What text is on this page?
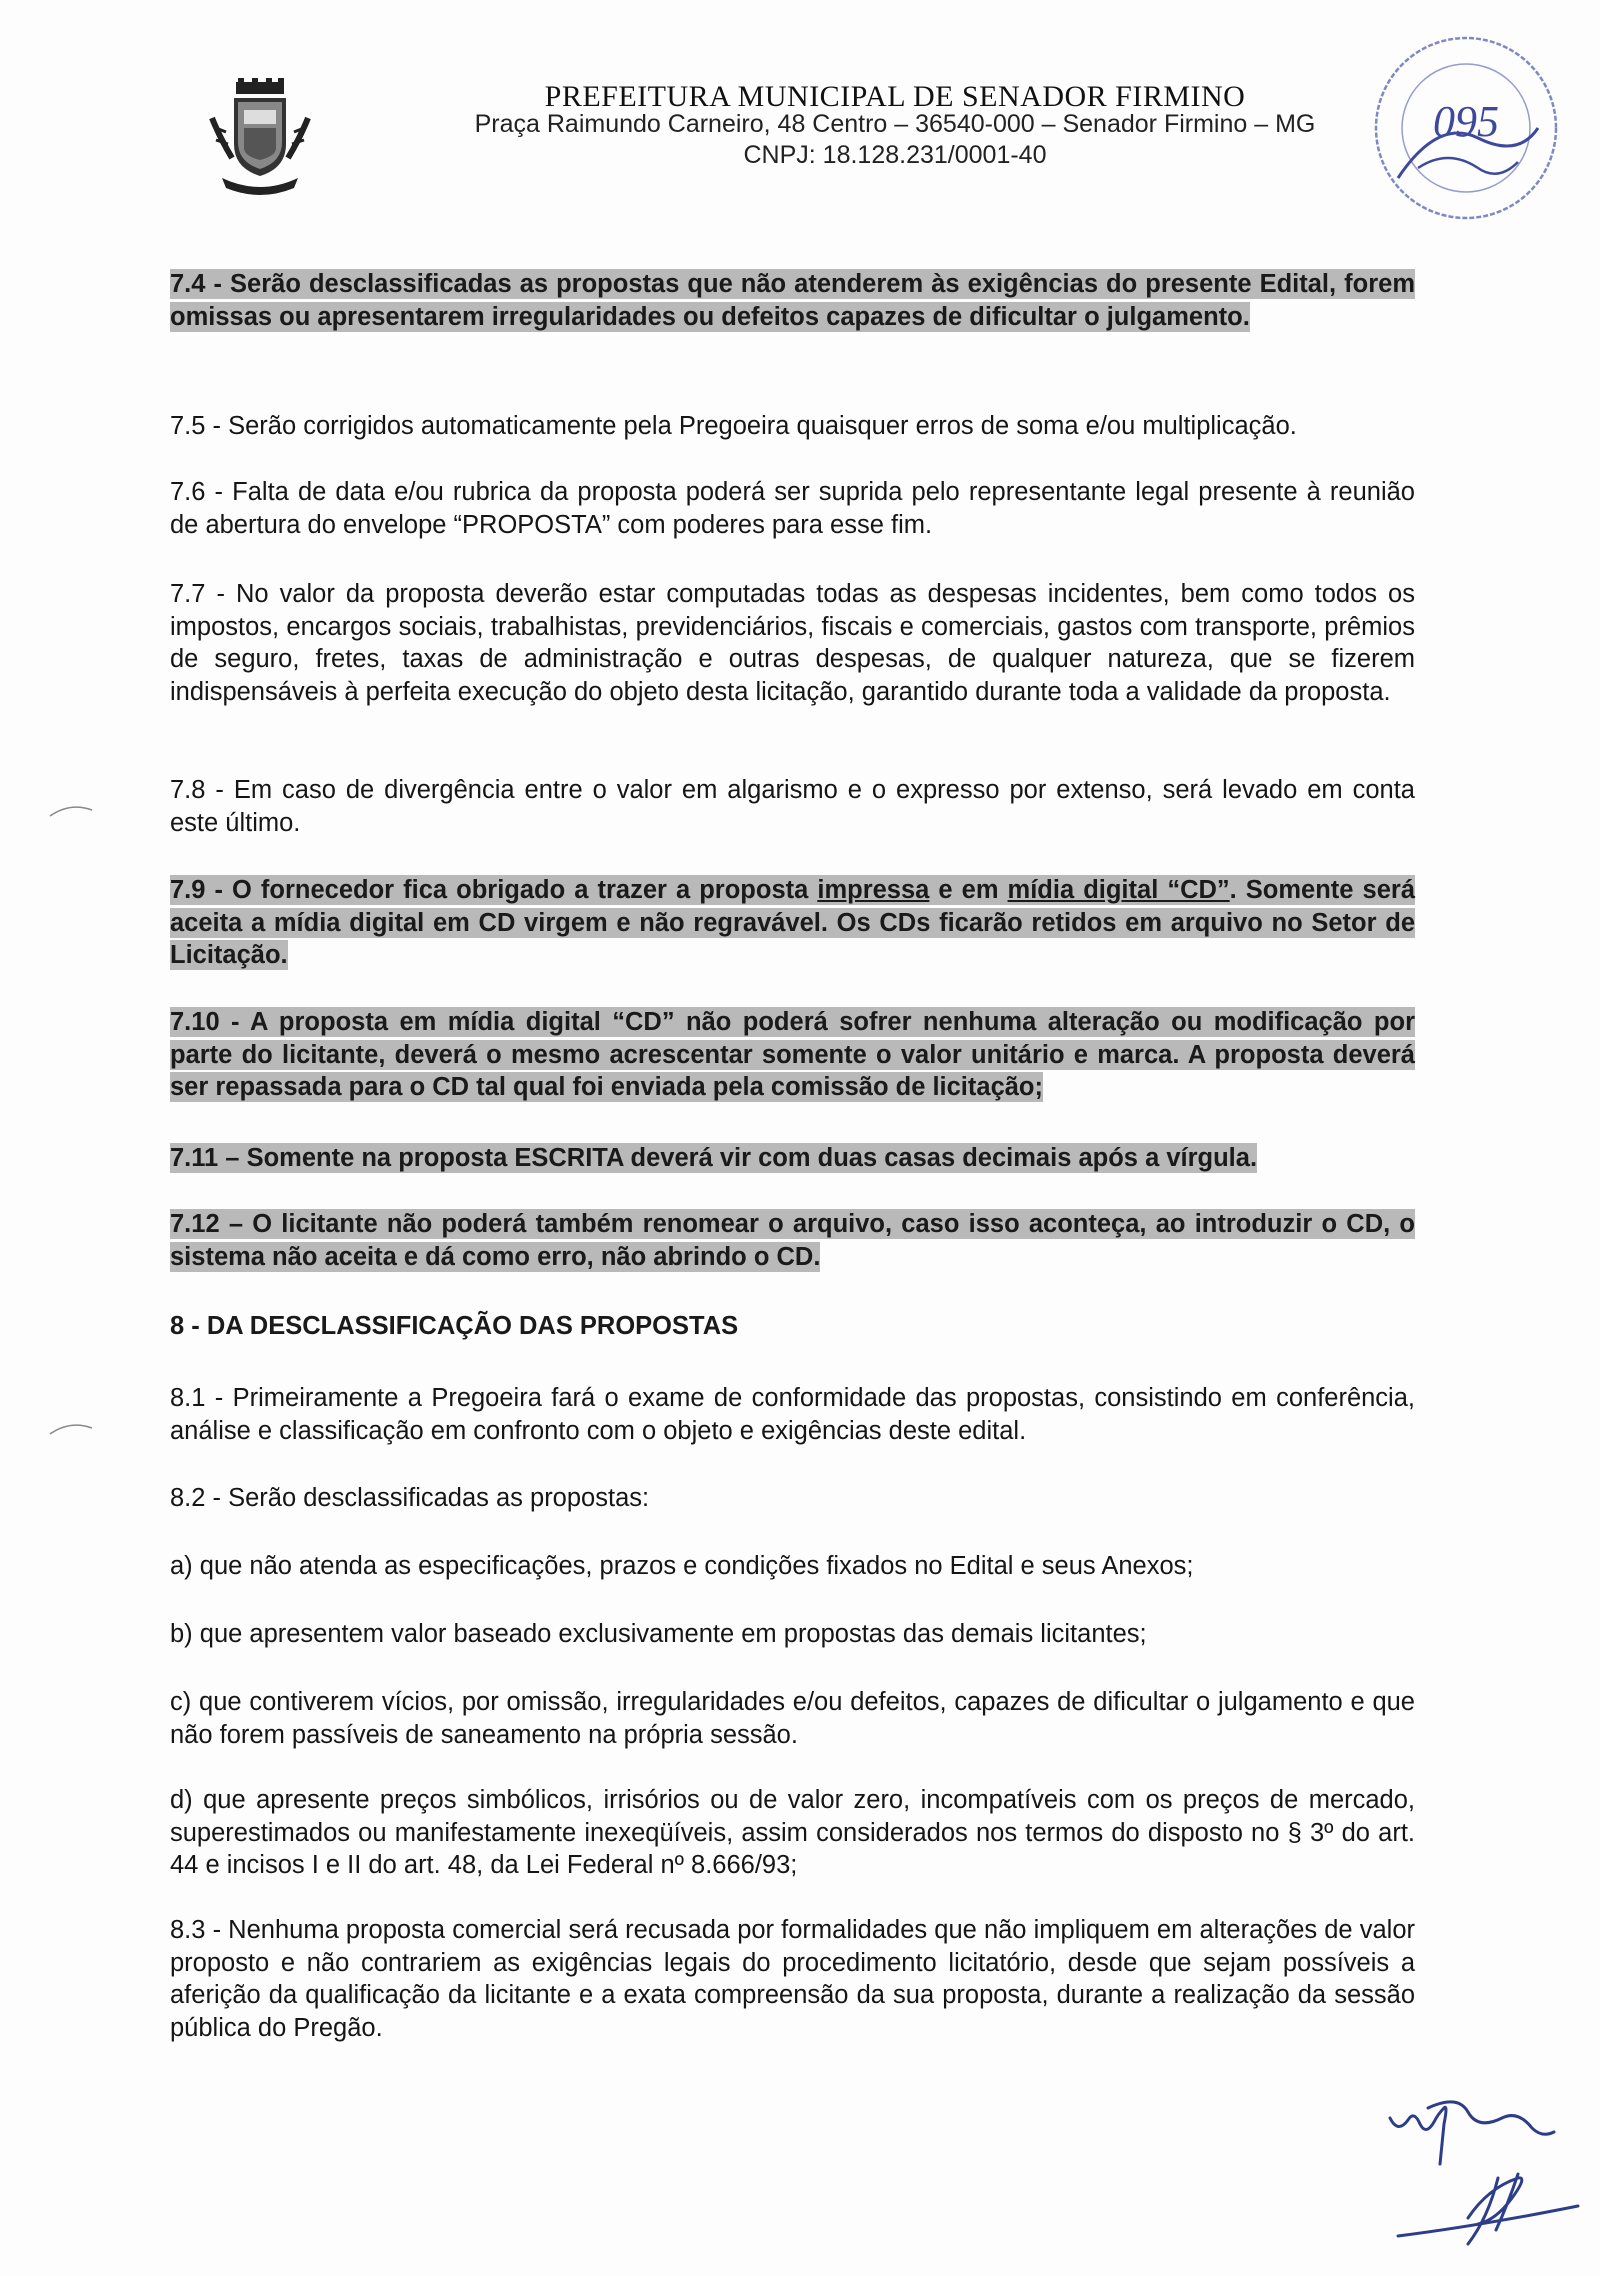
PREFEITURA MUNICIPAL DE SENADOR FIRMINO
Praça Raimundo Carneiro, 48 Centro – 36540-000 – Senador Firmino – MG
CNPJ: 18.128.231/0001-40
095

7.4 - Serão desclassificadas as propostas que não atenderem às exigências do presente Edital, forem omissas ou apresentarem irregularidades ou defeitos capazes de dificultar o julgamento.

7.5 - Serão corrigidos automaticamente pela Pregoeira quaisquer erros de soma e/ou multiplicação.

7.6 - Falta de data e/ou rubrica da proposta poderá ser suprida pelo representante legal presente à reunião de abertura do envelope “PROPOSTA” com poderes para esse fim.

7.7 - No valor da proposta deverão estar computadas todas as despesas incidentes, bem como todos os impostos, encargos sociais, trabalhistas, previdenciários, fiscais e comerciais, gastos com transporte, prêmios de seguro, fretes, taxas de administração e outras despesas, de qualquer natureza, que se fizerem indispensáveis à perfeita execução do objeto desta licitação, garantido durante toda a validade da proposta.

7.8 - Em caso de divergência entre o valor em algarismo e o expresso por extenso, será levado em conta este último.

7.9 - O fornecedor fica obrigado a trazer a proposta impressa e em mídia digital “CD”. Somente será aceita a mídia digital em CD virgem e não regravável. Os CDs ficarão retidos em arquivo no Setor de Licitação.

7.10 - A proposta em mídia digital “CD” não poderá sofrer nenhuma alteração ou modificação por parte do licitante, deverá o mesmo acrescentar somente o valor unitário e marca. A proposta deverá ser repassada para o CD tal qual foi enviada pela comissão de licitação;

7.11 – Somente na proposta ESCRITA deverá vir com duas casas decimais após a vírgula.

7.12 – O licitante não poderá também renomear o arquivo, caso isso aconteça, ao introduzir o CD, o sistema não aceita e dá como erro, não abrindo o CD.

8 - DA DESCLASSIFICAÇÃO DAS PROPOSTAS

8.1 - Primeiramente a Pregoeira fará o exame de conformidade das propostas, consistindo em conferência, análise e classificação em confronto com o objeto e exigências deste edital.

8.2 - Serão desclassificadas as propostas:

a) que não atenda as especificações, prazos e condições fixados no Edital e seus Anexos;

b) que apresentem valor baseado exclusivamente em propostas das demais licitantes;

c) que contiverem vícios, por omissão, irregularidades e/ou defeitos, capazes de dificultar o julgamento e que não forem passíveis de saneamento na própria sessão.

d) que apresente preços simbólicos, irrisórios ou de valor zero, incompatíveis com os preços de mercado, superestimados ou manifestamente inexeqüíveis, assim considerados nos termos do disposto no § 3º do art. 44 e incisos I e II do art. 48, da Lei Federal nº 8.666/93;

8.3 - Nenhuma proposta comercial será recusada por formalidades que não impliquem em alterações de valor proposto e não contrariem as exigências legais do procedimento licitatório, desde que sejam possíveis a aferição da qualificação da licitante e a exata compreensão da sua proposta, durante a realização da sessão pública do Pregão.
